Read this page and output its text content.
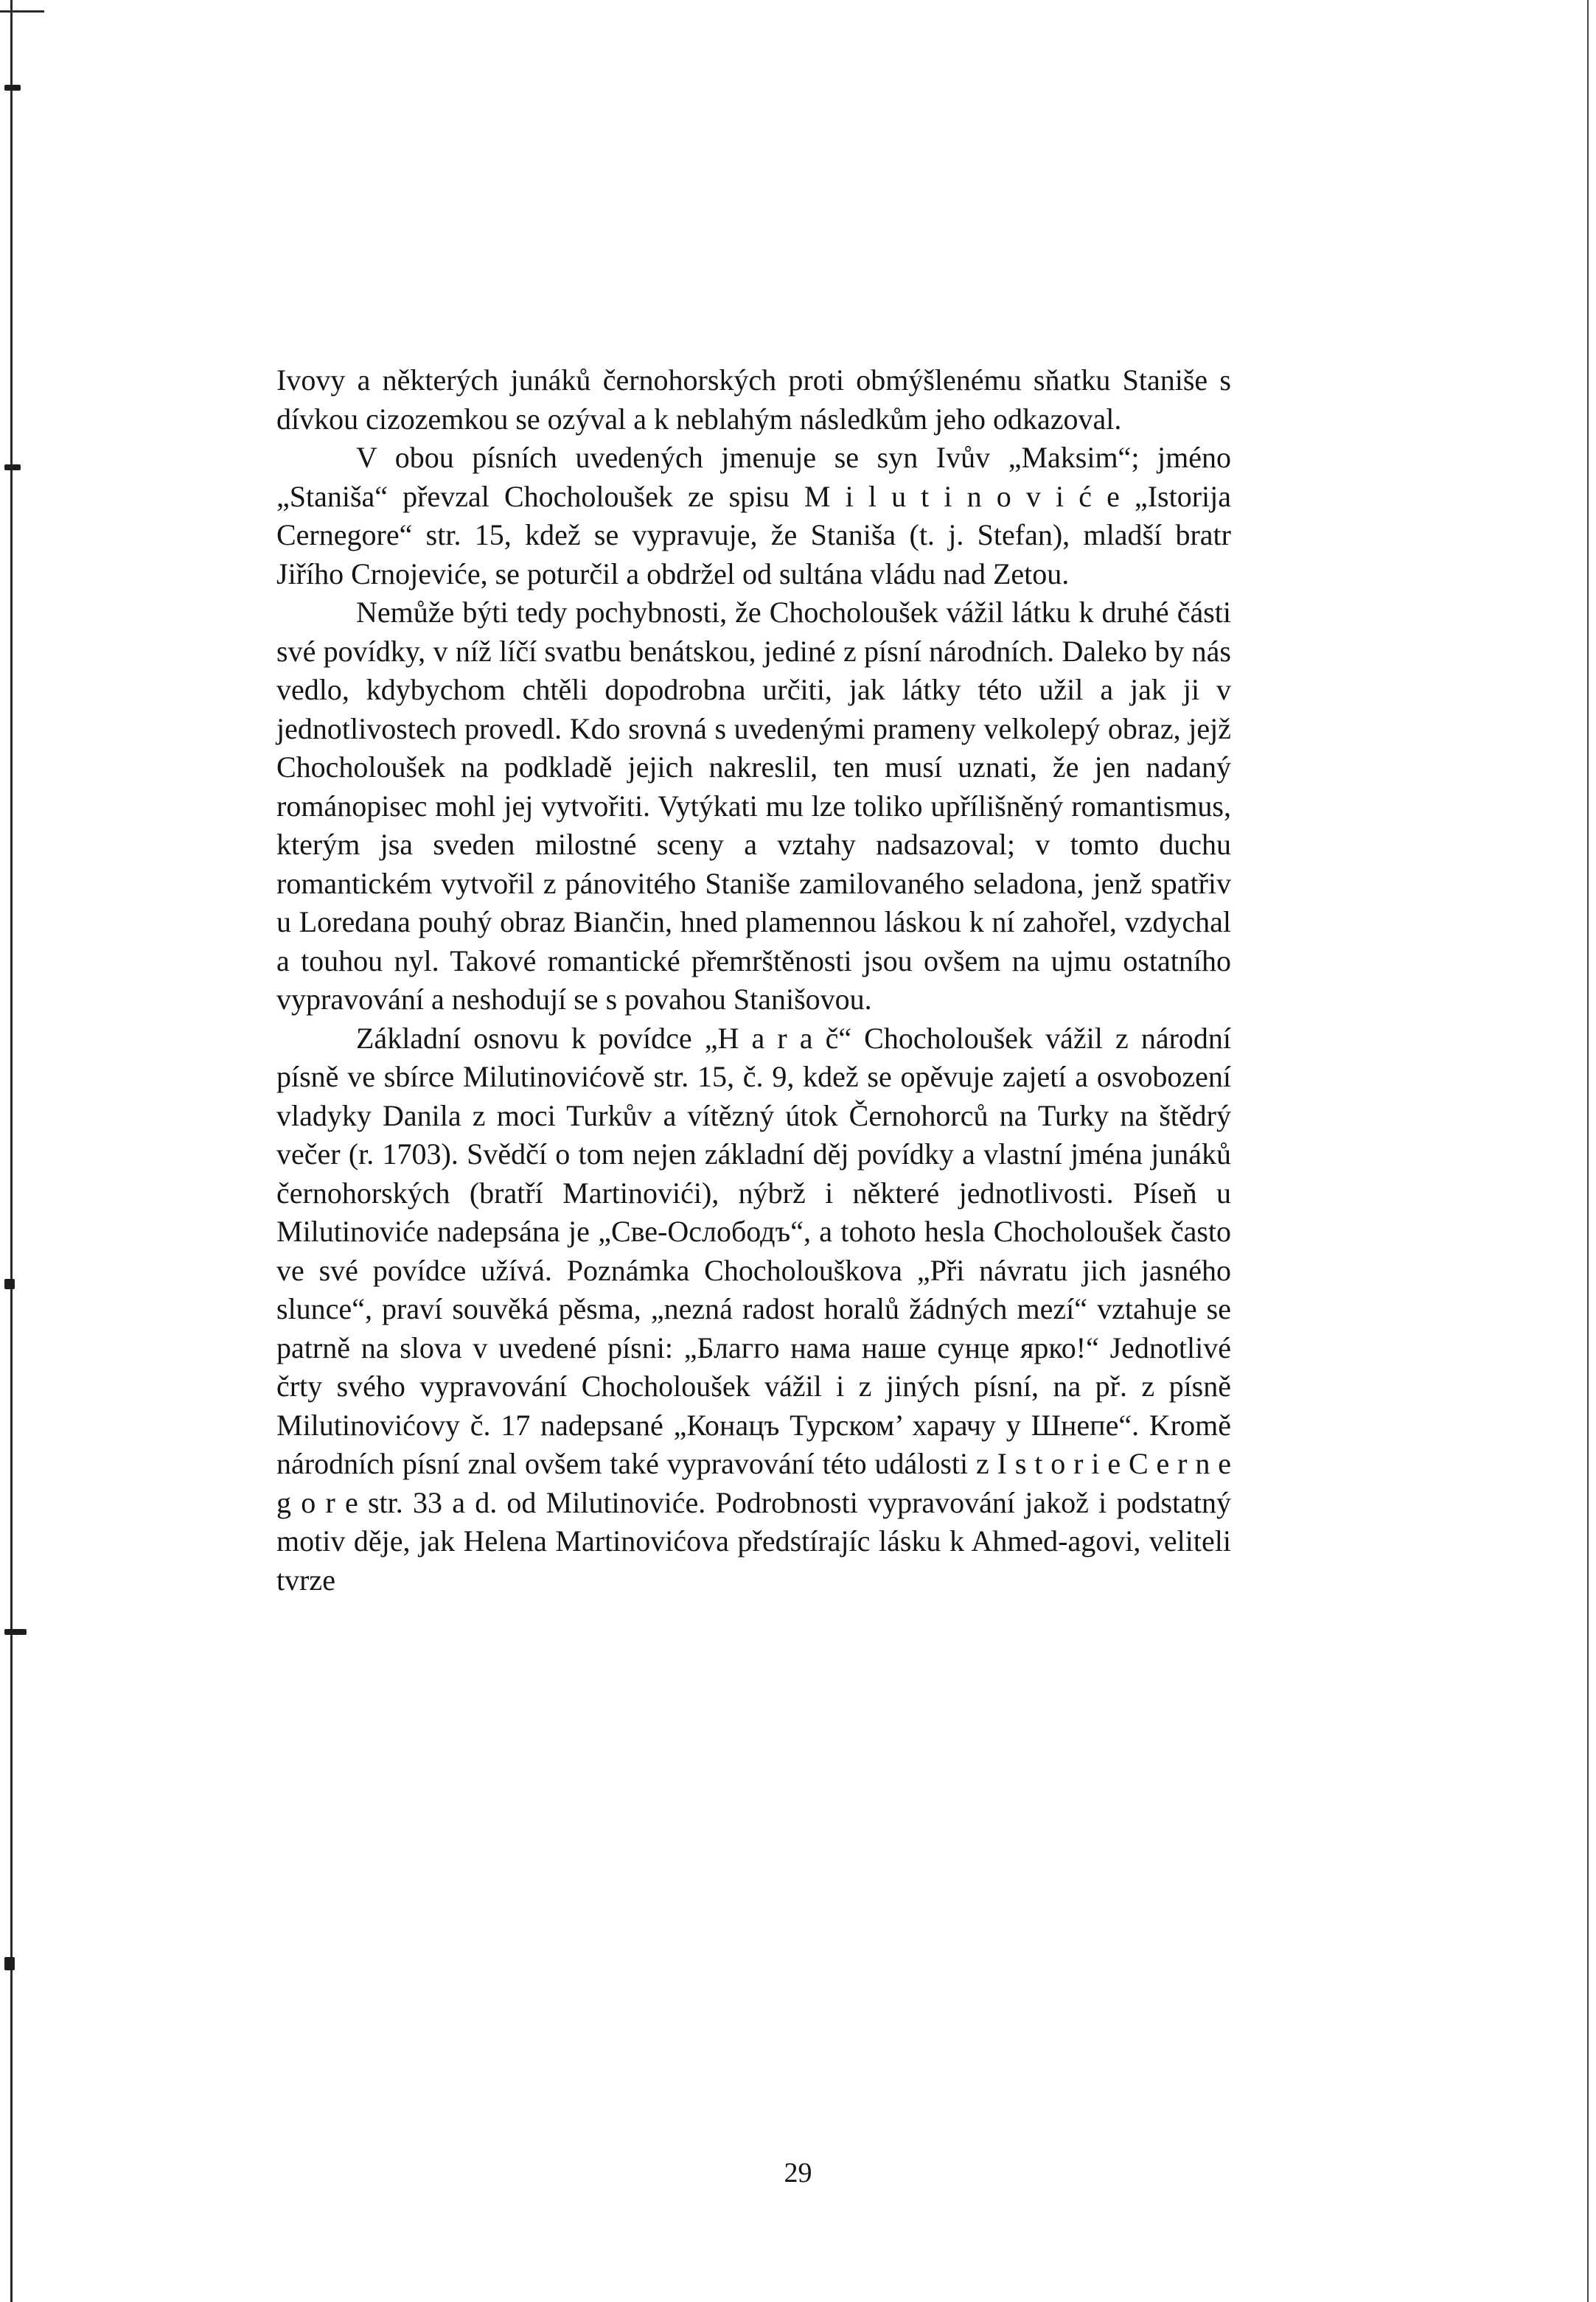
Ivovy a některých junáků černohorských proti obmýšlenému sňatku Staniše s dívkou cizozemkou se ozýval a k neblahým následkům jeho odkazoval.

V obou písních uvedených jmenuje se syn Ivův „Maksim“; jméno „Staniša“ převzal Chocholoušek ze spisu M i l u t i n o v i ć e „Istorija Cernegore“ str. 15, kdež se vypravuje, že Staniša (t. j. Stefan), mladší bratr Jiřího Crnojeviće, se poturčil a obdržel od sultána vládu nad Zetou.

Nemůže býti tedy pochybnosti, že Chocholoušek vážil látku k druhé části své povídky, v níž líčí svatbu benátskou, jediné z písní národních. Daleko by nás vedlo, kdybychom chtěli dopodrobna určiti, jak látky této užil a jak ji v jednotlivostech provedl. Kdo srovná s uvedenými prameny velkolepý obraz, jejž Chocholoušek na podkladě jejich nakreslil, ten musí uznati, že jen nadaný románopisec mohl jej vytvořiti. Vytýkati mu lze toliko upřílišněný romantismus, kterým jsa sveden milostné sceny a vztahy nadsazoval; v tomto duchu romantickém vytvořil z pánovitého Staniše zamilovaného seladona, jenž spatřiv u Loredana pouhý obraz Biančin, hned plamennou láskou k ní zahořel, vzdychal a touhou nyl. Takové romantické přemrštěnosti jsou ovšem na ujmu ostatního vypravování a neshodují se s povahou Stanišovou.

Základní osnovu k povídce „H a r a č“ Chocholoušek vážil z národní písně ve sbírce Milutinovićově str. 15, č. 9, kdež se opěvuje zajetí a osvobození vladyky Danila z moci Turkův a vítězný útok Černohorců na Turky na štědrý večer (r. 1703). Svědčí o tom nejen základní děj povídky a vlastní jména junáků černohorských (bratří Martinovići), nýbrž i některé jednotlivosti. Píseň u Milutinoviće nadepsána je „Све-Ослободъ“, a tohoto hesla Chocholoušek často ve své povídce užívá. Poznámka Chocholouškova „Při návratu jich jasného slunce“, praví souvěká pěsma, „nezná radost horalů žádných mezí“ vztahuje se patrně na slova v uvedené písni: „Благго нама наше сунце ярко!“ Jednotlivé črty svého vypravování Chocholoušek vážil i z jiných písní, na př. z písně Milutinovićovy č. 17 nadepsané „Конацъ Турском’ харачу у Шнепе“. Kromě národních písní znal ovšem také vypravování této události z I s t o r i e C e r n e g o r e str. 33 a d. od Milutinoviće. Podrobnosti vypravování jakož i podstatný motiv děje, jak Helena Martinovićova předstírajíc lásku k Ahmed-agovi, veliteli tvrze

29
